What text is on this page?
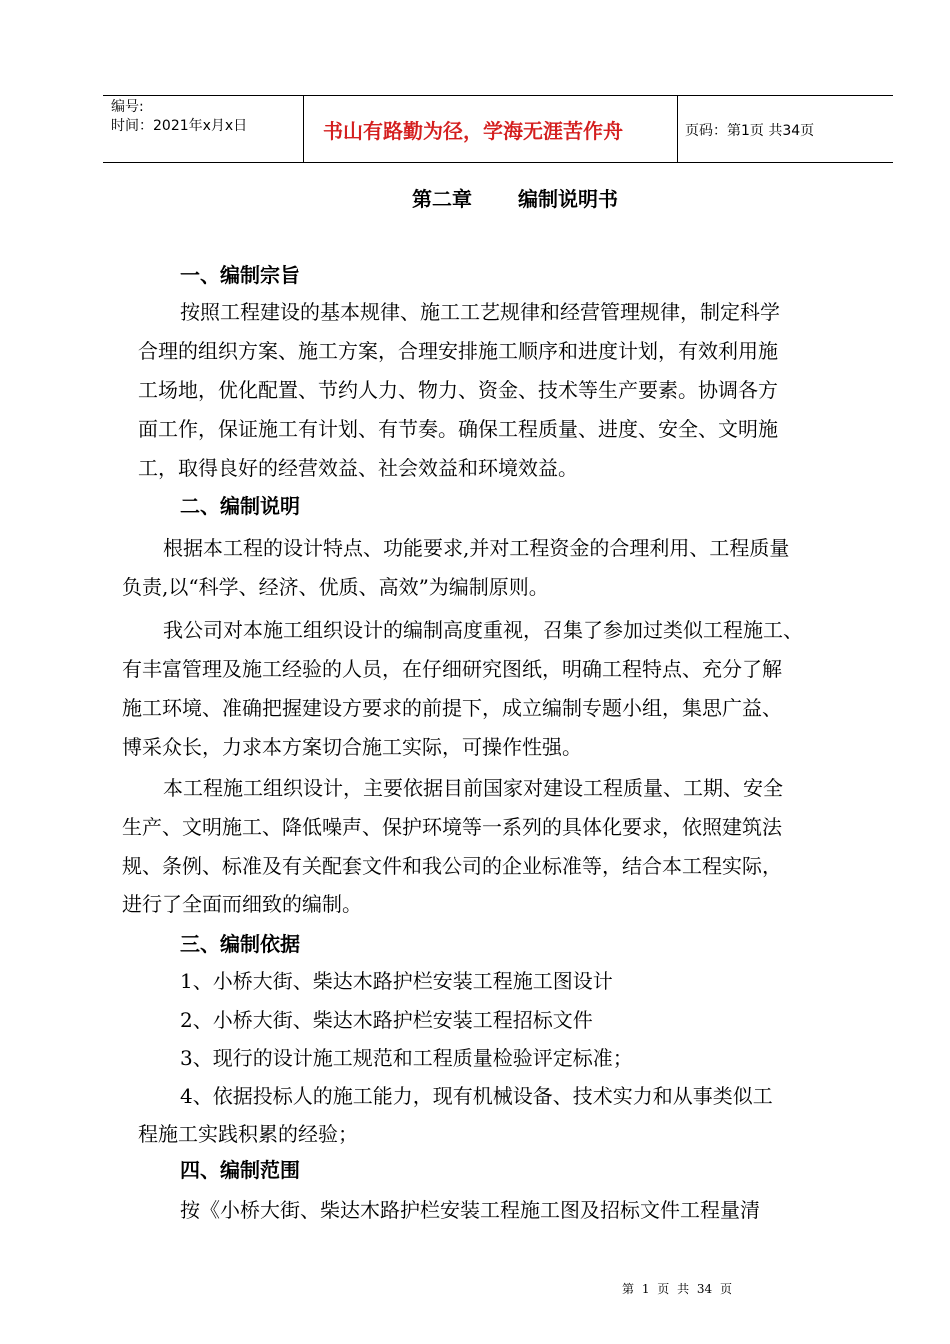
编号:
时间：2021年x月x日	书山有路勤为径，学海无涯苦作舟	页码：第1页 共34页
第二章 编制说明书
一、编制宗旨
按照工程建设的基本规律、施工工艺规律和经营管理规律，制定科学
合理的组织方案、施工方案，合理安排施工顺序和进度计划，有效利用施
工场地，优化配置、节约人力、物力、资金、技术等生产要素。协调各方
面工作，保证施工有计划、有节奏。确保工程质量、进度、安全、文明施
工，取得良好的经营效益、社会效益和环境效益。
二、编制说明
根据本工程的设计特点、功能要求,并对工程资金的合理利用、工程质量
负责,以“科学、经济、优质、高效”为编制原则。
我公司对本施工组织设计的编制高度重视，召集了参加过类似工程施工、
有丰富管理及施工经验的人员，在仔细研究图纸，明确工程特点、充分了解
施工环境、准确把握建设方要求的前提下，成立编制专题小组，集思广益、
博采众长，力求本方案切合施工实际，可操作性强。
本工程施工组织设计，主要依据目前国家对建设工程质量、工期、安全
生产、文明施工、降低噪声、保护环境等一系列的具体化要求，依照建筑法
规、条例、标准及有关配套文件和我公司的企业标准等，结合本工程实际，
进行了全面而细致的编制。
三、编制依据
1、小桥大街、柴达木路护栏安装工程施工图设计
2、小桥大街、柴达木路护栏安装工程招标文件
3、现行的设计施工规范和工程质量检验评定标准；
4、依据投标人的施工能力，现有机械设备、技术实力和从事类似工
程施工实践积累的经验；
四、编制范围
按《小桥大街、柴达木路护栏安装工程施工图及招标文件工程量清
第 1 页 共 34 页
